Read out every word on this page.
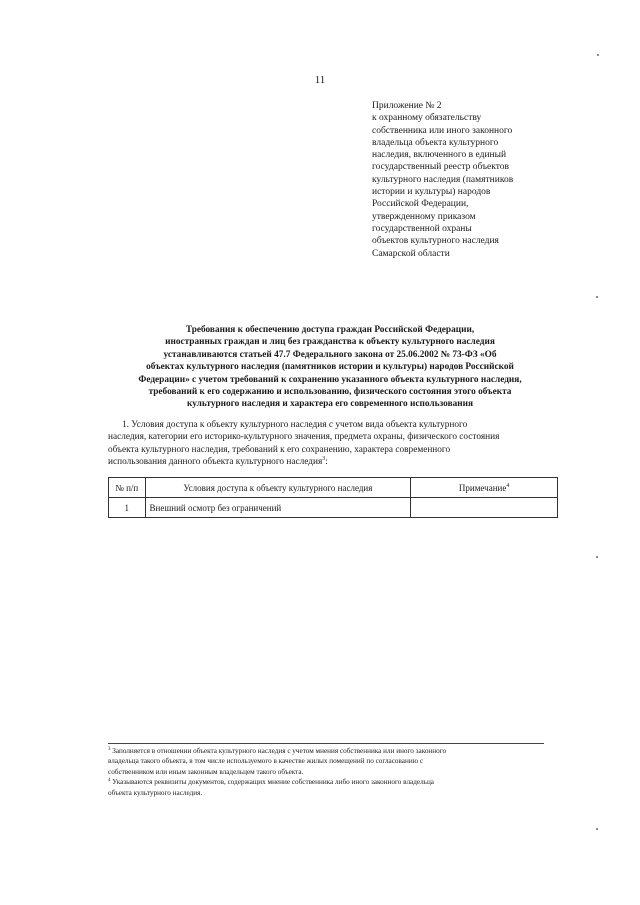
11
Приложение № 2
к охранному обязательству
собственника или иного законного
владельца объекта культурного
наследия, включенного в единый
государственный реестр объектов
культурного наследия (памятников
истории и культуры) народов
Российской Федерации,
утвержденному приказом
государственной охраны
объектов культурного наследия
Самарской области
Требования к обеспечению доступа граждан Российской Федерации,
иностранных граждан и лиц без гражданства к объекту культурного наследия
устанавливаются статьей 47.7 Федерального закона от 25.06.2002 № 73-ФЗ «Об
объектах культурного наследия (памятников истории и культуры) народов Российской
Федерации» с учетом требований к сохранению указанного объекта культурного наследия,
требований к его содержанию и использованию, физического состояния этого объекта
культурного наследия и характера его современного использования
1. Условия доступа к объекту культурного наследия с учетом вида объекта культурного
наследия, категории его историко-культурного значения, предмета охраны, физического состояния
объекта культурного наследия, требований к его сохранению, характера современного
использования данного объекта культурного наследия$^3$:
№ п/п	Условия доступа к объекту культурного наследия	Примечание$^4$
1	Внешний осмотр без ограничений	
$^3$ Заполняется в отношении объекта культурного наследия с учетом мнения собственника или иного законного
владельца такого объекта, в том числе используемого в качестве жилых помещений по согласованию с
собственником или иным законным владельцем такого объекта.
$^4$ Указываются реквизиты документов, содержащих мнение собственника либо иного законного владельца
объекта культурного наследия.
